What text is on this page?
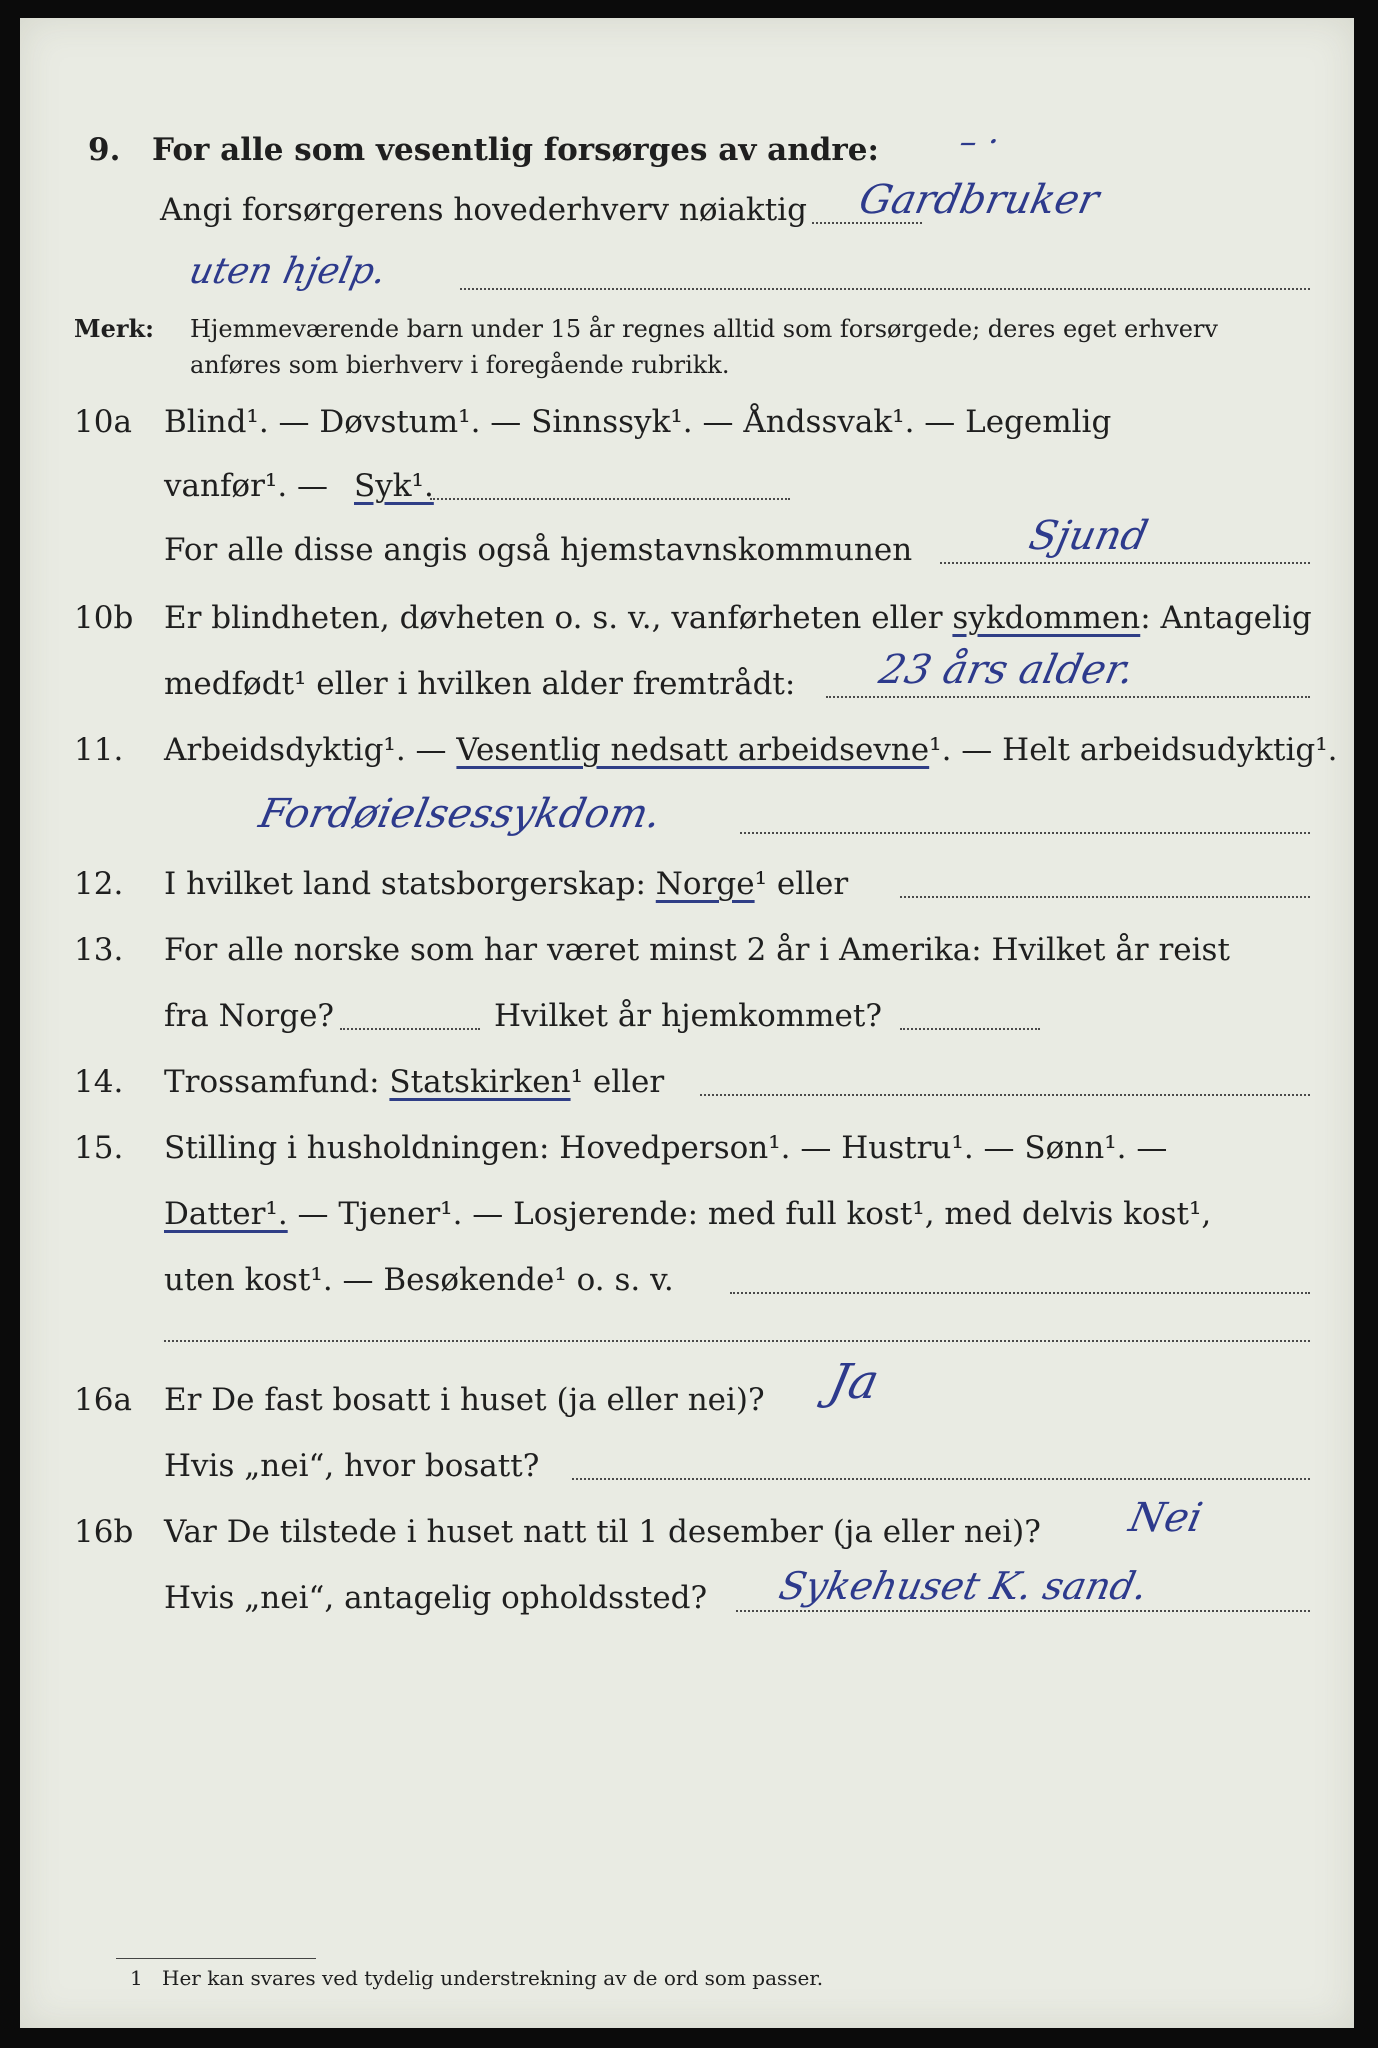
9. For alle som vesentlig forsørges av andre: – ·
Angi forsørgerens hovederhverv nøiaktig Gardbruker
uten hjelp.
Merk: Hjemmeværende barn under 15 år regnes alltid som forsørgede; deres eget erhverv
anføres som bierhverv i foregående rubrikk.
10a Blind¹. — Døvstum¹. — Sinnssyk¹. — Åndssvak¹. — Legemlig
vanfør¹. — Syk¹.
For alle disse angis også hjemstavnskommunen	Sjund
10b Er blindheten, døvheten o. s. v., vanførheten eller sykdommen: Antagelig
medfødt¹ eller i hvilken alder fremtrådt: 23 års alder.
11. Arbeidsdyktig¹. — Vesentlig nedsatt arbeidsevne¹. — Helt arbeidsudyktig¹.
Fordøielsessykdom.
12. I hvilket land statsborgerskap: Norge¹ eller
13. For alle norske som har været minst 2 år i Amerika: Hvilket år reist
fra Norge?	Hvilket år hjemkommet?
14. Trossamfund: Statskirken¹ eller
15. Stilling i husholdningen: Hovedperson¹. — Hustru¹. — Sønn¹. —
Datter¹. — Tjener¹. — Losjerende: med full kost¹, med delvis kost¹,
uten kost¹. — Besøkende¹ o. s. v.
16a Er De fast bosatt i huset (ja eller nei)? Ja
Hvis „nei“, hvor bosatt?
16b Var De tilstede i huset natt til 1 desember (ja eller nei)? Nei
Hvis „nei“, antagelig opholdssted? Sykehuset K. sand.
1 Her kan svares ved tydelig understrekning av de ord som passer.
